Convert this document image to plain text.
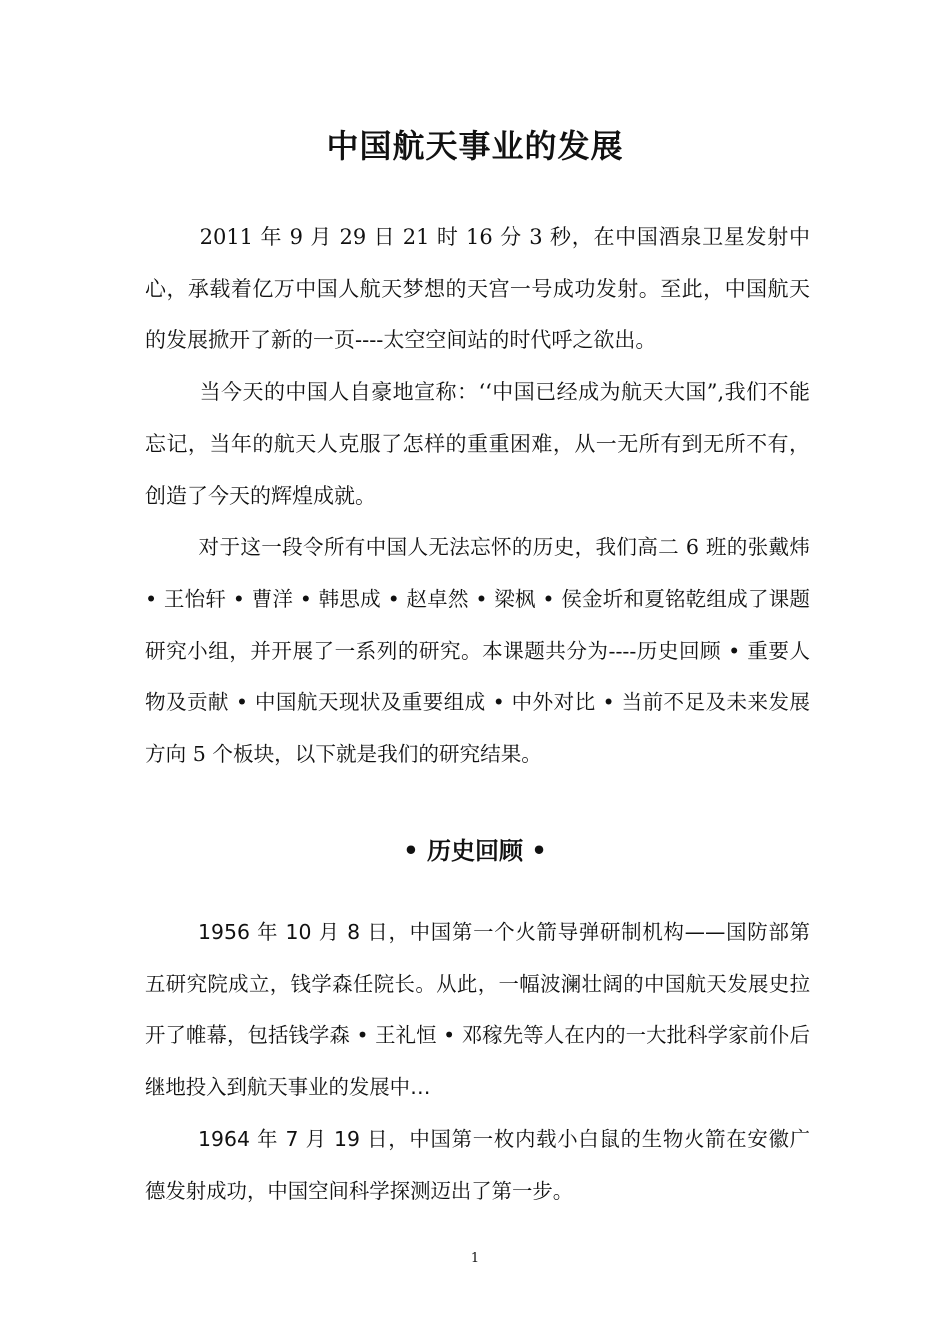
中国航天事业的发展

2011 年 9 月 29 日 21 时 16 分 3 秒，在中国酒泉卫星发射中心，承载着亿万中国人航天梦想的天宫一号成功发射。至此，中国航天的发展掀开了新的一页----太空空间站的时代呼之欲出。

当今天的中国人自豪地宣称：‘‘中国已经成为航天大国”,我们不能忘记，当年的航天人克服了怎样的重重困难，从一无所有到无所不有，创造了今天的辉煌成就。

对于这一段令所有中国人无法忘怀的历史，我们高二 6 班的张戴炜 • 王怡轩 • 曹洋 • 韩思成 • 赵卓然 • 梁枫 • 侯金圻和夏铭乾组成了课题研究小组，并开展了一系列的研究。本课题共分为----历史回顾 • 重要人物及贡献 • 中国航天现状及重要组成 • 中外对比 • 当前不足及未来发展方向 5 个板块，以下就是我们的研究结果。

• 历史回顾 •

1956 年 10 月 8 日，中国第一个火箭导弹研制机构——国防部第五研究院成立，钱学森任院长。从此，一幅波澜壮阔的中国航天发展史拉开了帷幕，包括钱学森 • 王礼恒 • 邓稼先等人在内的一大批科学家前仆后继地投入到航天事业的发展中…

1964 年 7 月 19 日，中国第一枚内载小白鼠的生物火箭在安徽广德发射成功，中国空间科学探测迈出了第一步。

1
